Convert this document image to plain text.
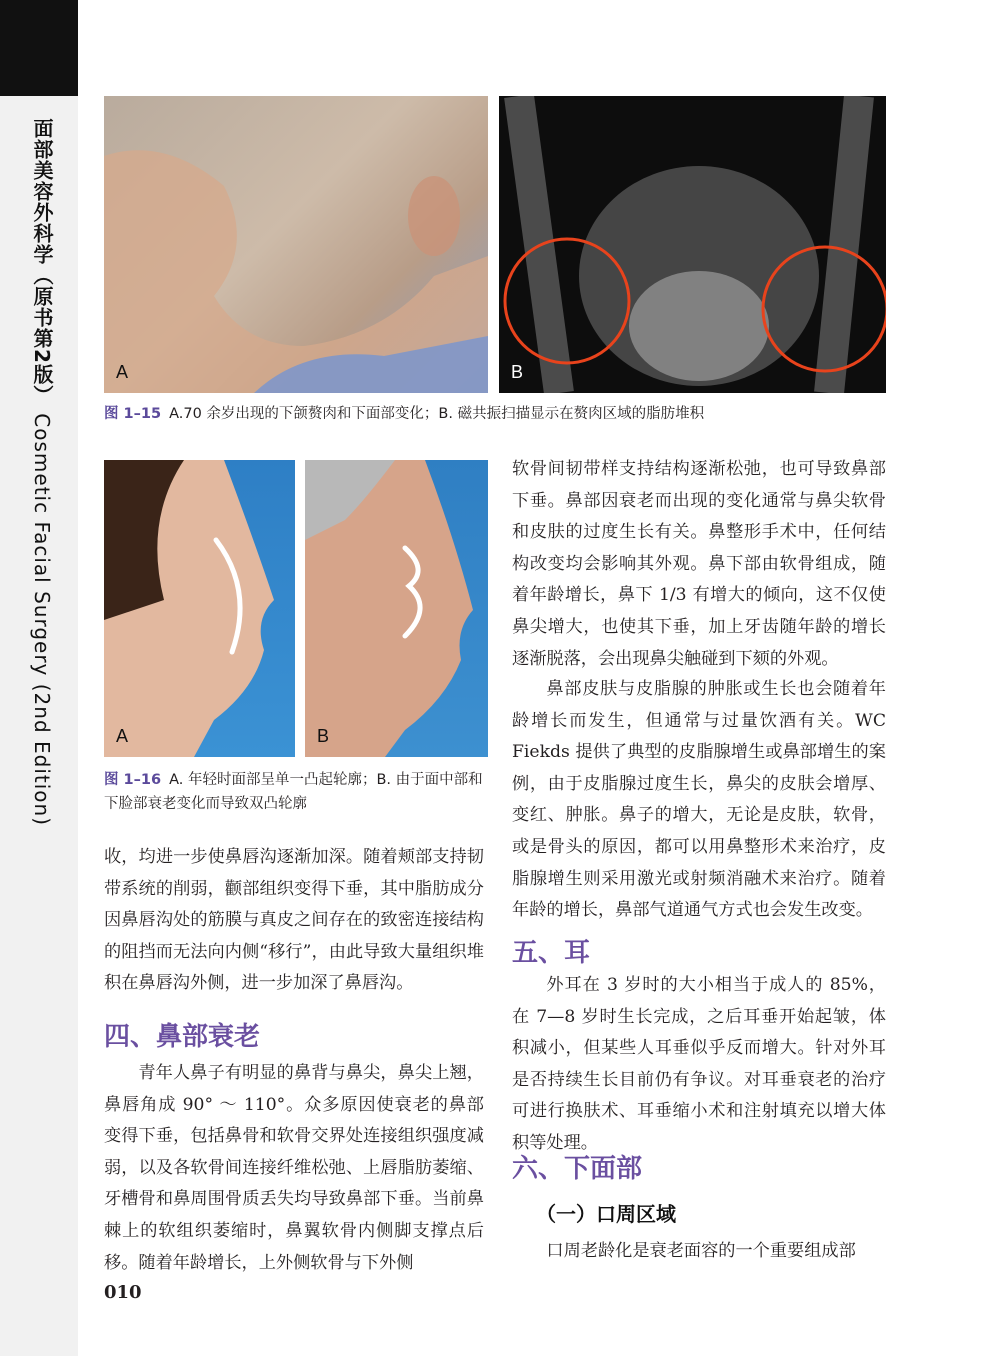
面部美容外科学（原书第2版） Cosmetic Facial Surgery (2nd Edition)
A	B
图 1–15 A.70 余岁出现的下颌赘肉和下面部变化；B. 磁共振扫描显示在赘肉区域的脂肪堆积
A	B
图 1–16 A. 年轻时面部呈单一凸起轮廓；B. 由于面中部和下脸部衰老变化而导致双凸轮廓
收，均进一步使鼻唇沟逐渐加深。随着颊部支持韧带系统的削弱，颧部组织变得下垂，其中脂肪成分因鼻唇沟处的筋膜与真皮之间存在的致密连接结构的阻挡而无法向内侧“移行”，由此导致大量组织堆积在鼻唇沟外侧，进一步加深了鼻唇沟。
四、鼻部衰老
青年人鼻子有明显的鼻背与鼻尖，鼻尖上翘，鼻唇角成 90° ～ 110°。众多原因使衰老的鼻部变得下垂，包括鼻骨和软骨交界处连接组织强度减弱，以及各软骨间连接纤维松弛、上唇脂肪萎缩、牙槽骨和鼻周围骨质丢失均导致鼻部下垂。当前鼻棘上的软组织萎缩时，鼻翼软骨内侧脚支撑点后移。随着年龄增长，上外侧软骨与下外侧
软骨间韧带样支持结构逐渐松弛，也可导致鼻部下垂。鼻部因衰老而出现的变化通常与鼻尖软骨和皮肤的过度生长有关。鼻整形手术中，任何结构改变均会影响其外观。鼻下部由软骨组成，随着年龄增长，鼻下 1/3 有增大的倾向，这不仅使鼻尖增大，也使其下垂，加上牙齿随年龄的增长逐渐脱落，会出现鼻尖触碰到下颏的外观。
鼻部皮肤与皮脂腺的肿胀或生长也会随着年龄增长而发生，但通常与过量饮酒有关。WC Fiekds 提供了典型的皮脂腺增生或鼻部增生的案例，由于皮脂腺过度生长，鼻尖的皮肤会增厚、变红、肿胀。鼻子的增大，无论是皮肤，软骨，或是骨头的原因，都可以用鼻整形术来治疗，皮脂腺增生则采用激光或射频消融术来治疗。随着年龄的增长，鼻部气道通气方式也会发生改变。
五、耳
外耳在 3 岁时的大小相当于成人的 85%，在 7—8 岁时生长完成，之后耳垂开始起皱，体积减小，但某些人耳垂似乎反而增大。针对外耳是否持续生长目前仍有争议。对耳垂衰老的治疗可进行换肤术、耳垂缩小术和注射填充以增大体积等处理。
六、下面部
（一）口周区域
口周老龄化是衰老面容的一个重要组成部
010
